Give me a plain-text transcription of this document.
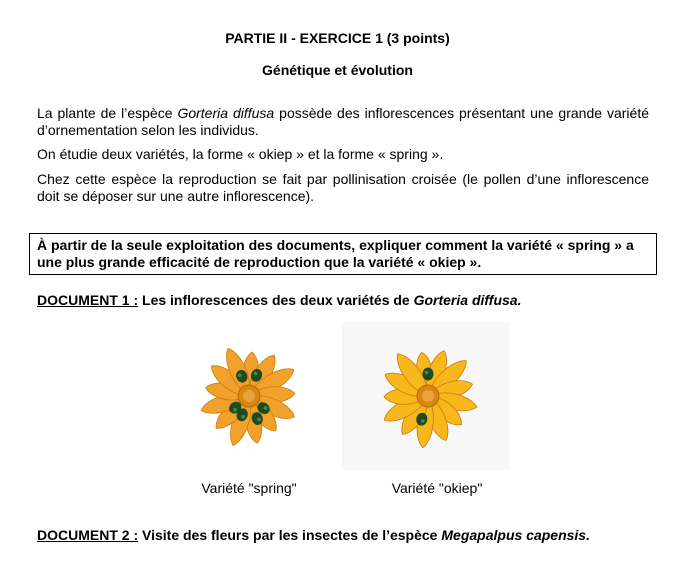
PARTIE II - EXERCICE 1 (3 points)
Génétique et évolution

La plante de l’espèce Gorteria diffusa possède des inflorescences présentant une grande variété d’ornementation selon les individus.

On étudie deux variétés, la forme « okiep » et la forme « spring ».

Chez cette espèce la reproduction se fait par pollinisation croisée (le pollen d’une inflorescence doit se déposer sur une autre inflorescence).

À partir de la seule exploitation des documents, expliquer comment la variété « spring » a une plus grande efficacité de reproduction que la variété « okiep ».
DOCUMENT 1 : Les inflorescences des deux variétés de Gorteria diffusa.
Variété "spring"	Variété "okiep"
DOCUMENT 2 : Visite des fleurs par les insectes de l’espèce Megapalpus capensis.
